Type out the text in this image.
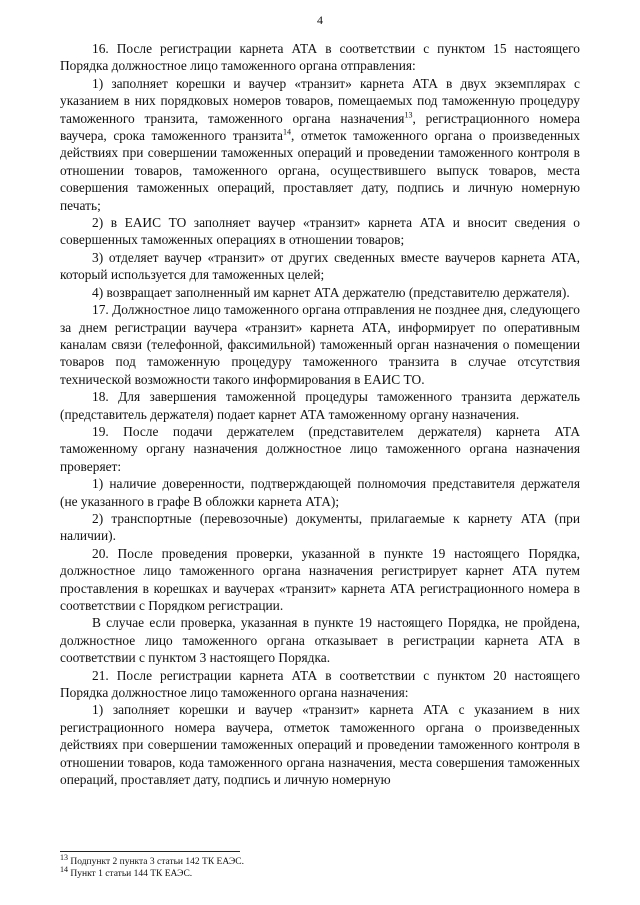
4

16. После регистрации карнета АТА в соответствии с пунктом 15 настоящего Порядка должностное лицо таможенного органа отправления:

1) заполняет корешки и ваучер «транзит» карнета АТА в двух экземплярах с указанием в них порядковых номеров товаров, помещаемых под таможенную процедуру таможенного транзита, таможенного органа назначения$^{13}$, регистрационного номера ваучера, срока таможенного транзита$^{14}$, отметок таможенного органа о произведенных действиях при совершении таможенных операций и проведении таможенного контроля в отношении товаров, таможенного органа, осуществившего выпуск товаров, места совершения таможенных операций, проставляет дату, подпись и личную номерную печать;

2) в ЕАИС ТО заполняет ваучер «транзит» карнета АТА и вносит сведения о совершенных таможенных операциях в отношении товаров;

3) отделяет ваучер «транзит» от других сведенных вместе ваучеров карнета АТА, который используется для таможенных целей;

4) возвращает заполненный им карнет АТА держателю (представителю держателя).

17. Должностное лицо таможенного органа отправления не позднее дня, следующего за днем регистрации ваучера «транзит» карнета АТА, информирует по оперативным каналам связи (телефонной, факсимильной) таможенный орган назначения о помещении товаров под таможенную процедуру таможенного транзита в случае отсутствия технической возможности такого информирования в ЕАИС ТО.

18. Для завершения таможенной процедуры таможенного транзита держатель (представитель держателя) подает карнет АТА таможенному органу назначения.

19. После подачи держателем (представителем держателя) карнета АТА таможенному органу назначения должностное лицо таможенного органа назначения проверяет:

1) наличие доверенности, подтверждающей полномочия представителя держателя (не указанного в графе В обложки карнета АТА);

2) транспортные (перевозочные) документы, прилагаемые к карнету АТА (при наличии).

20. После проведения проверки, указанной в пункте 19 настоящего Порядка, должностное лицо таможенного органа назначения регистрирует карнет АТА путем проставления в корешках и ваучерах «транзит» карнета АТА регистрационного номера в соответствии с Порядком регистрации.

В случае если проверка, указанная в пункте 19 настоящего Порядка, не пройдена, должностное лицо таможенного органа отказывает в регистрации карнета АТА в соответствии с пунктом 3 настоящего Порядка.

21. После регистрации карнета АТА в соответствии с пунктом 20 настоящего Порядка должностное лицо таможенного органа назначения:

1) заполняет корешки и ваучер «транзит» карнета АТА с указанием в них регистрационного номера ваучера, отметок таможенного органа о произведенных действиях при совершении таможенных операций и проведении таможенного контроля в отношении товаров, кода таможенного органа назначения, места совершения таможенных операций, проставляет дату, подпись и личную номерную

$^{13}$ Подпункт 2 пункта 3 статьи 142 ТК ЕАЭС.
$^{14}$ Пункт 1 статьи 144 ТК ЕАЭС.
